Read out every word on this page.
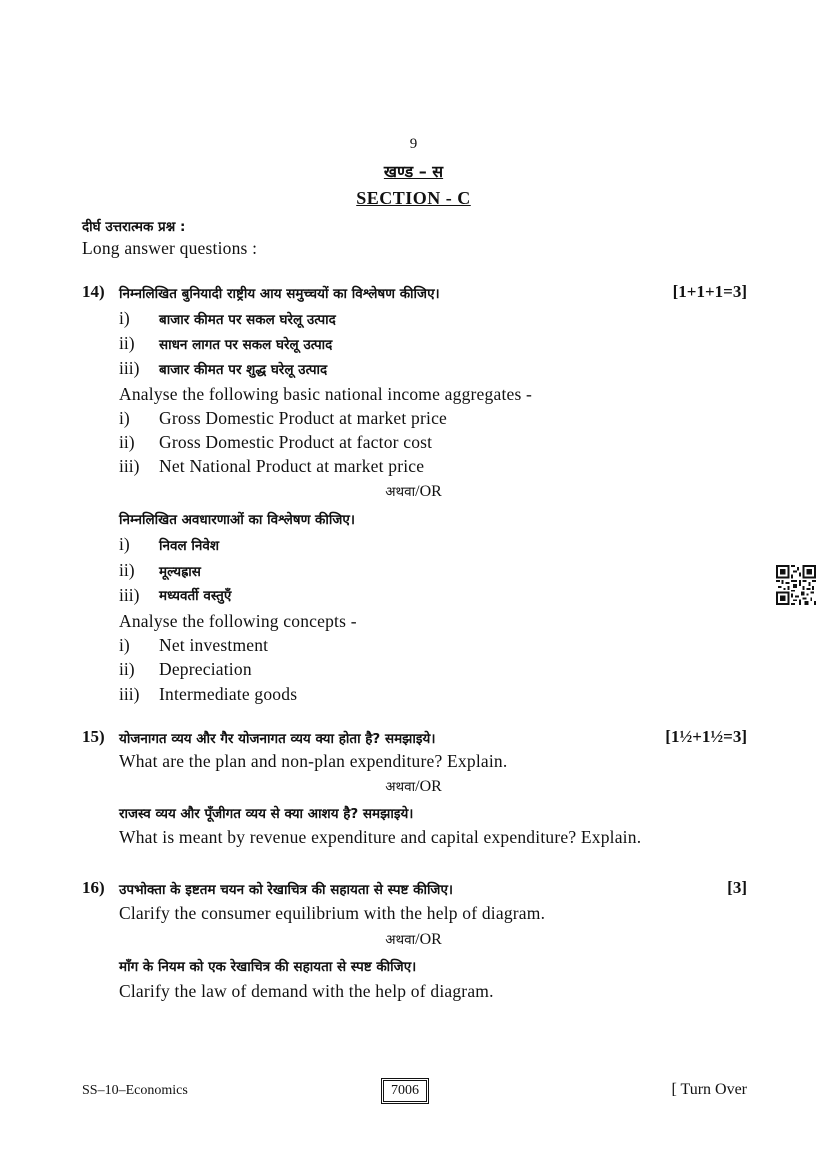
9
खण्ड – स
SECTION - C
दीर्घ उत्तरात्मक प्रश्न :
Long answer questions :
14) निम्नलिखित बुनियादी राष्ट्रीय आय समुच्चयों का विश्लेषण कीजिए।	[1+1+1=3]
i) बाजार कीमत पर सकल घरेलू उत्पाद
ii) साधन लागत पर सकल घरेलू उत्पाद
iii) बाजार कीमत पर शुद्ध घरेलू उत्पाद
Analyse the following basic national income aggregates -
i) Gross Domestic Product at market price
ii) Gross Domestic Product at factor cost
iii) Net National Product at market price
अथवा/OR
निम्नलिखित अवधारणाओं का विश्लेषण कीजिए।
i) निवल निवेश
ii) मूल्यह्रास
iii) मध्यवर्ती वस्तुएँ
Analyse the following concepts -
i) Net investment
ii) Depreciation
iii) Intermediate goods
15) योजनागत व्यय और गैर योजनागत व्यय क्या होता है? समझाइये।	[1½+1½=3]
What are the plan and non-plan expenditure? Explain.
अथवा/OR
राजस्व व्यय और पूँजीगत व्यय से क्या आशय है? समझाइये।
What is meant by revenue expenditure and capital expenditure? Explain.
16) उपभोक्ता के इष्टतम चयन को रेखाचित्र की सहायता से स्पष्ट कीजिए।	[3]
Clarify the consumer equilibrium with the help of diagram.
अथवा/OR
माँग के नियम को एक रेखाचित्र की सहायता से स्पष्ट कीजिए।
Clarify the law of demand with the help of diagram.
SS–10–Economics	7006	[ Turn Over
